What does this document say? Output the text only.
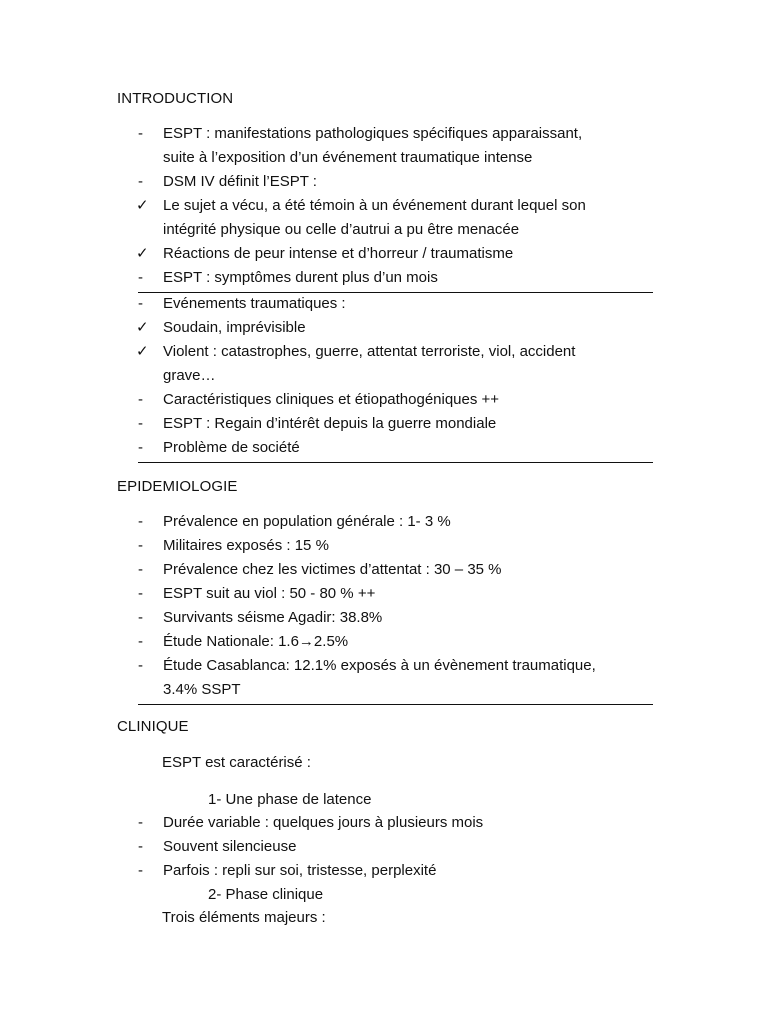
INTRODUCTION
-	ESPT : manifestations pathologiques spécifiques apparaissant,
suite à l’exposition d’un événement traumatique intense
-	DSM IV définit l’ESPT :
✓ Le sujet a vécu, a été témoin à un événement durant lequel son
intégrité physique ou celle d’autrui a pu être menacée
✓ Réactions de peur intense et d’horreur / traumatisme
-	ESPT : symptômes durent plus d’un mois
-	Evénements traumatiques :
✓ Soudain, imprévisible
✓ Violent : catastrophes, guerre, attentat terroriste, viol, accident
grave…
-	Caractéristiques cliniques et étiopathogéniques ++
-	ESPT : Regain d’intérêt depuis la guerre mondiale
-	Problème de société
EPIDEMIOLOGIE
-	Prévalence en population générale : 1- 3 %
-	Militaires exposés : 15 %
-	Prévalence chez les victimes d’attentat : 30 – 35 %
-	ESPT suit au viol : 50 - 80 % ++
-	Survivants séisme Agadir: 38.8%
-	Étude Nationale: 1.6→2.5%
-	Étude Casablanca: 12.1% exposés à un évènement traumatique,
3.4% SSPT
CLINIQUE
ESPT est caractérisé :
1- Une phase de latence
-	Durée variable : quelques jours à plusieurs mois
-	Souvent silencieuse
-	Parfois : repli sur soi, tristesse, perplexité
2- Phase clinique
Trois éléments majeurs :
